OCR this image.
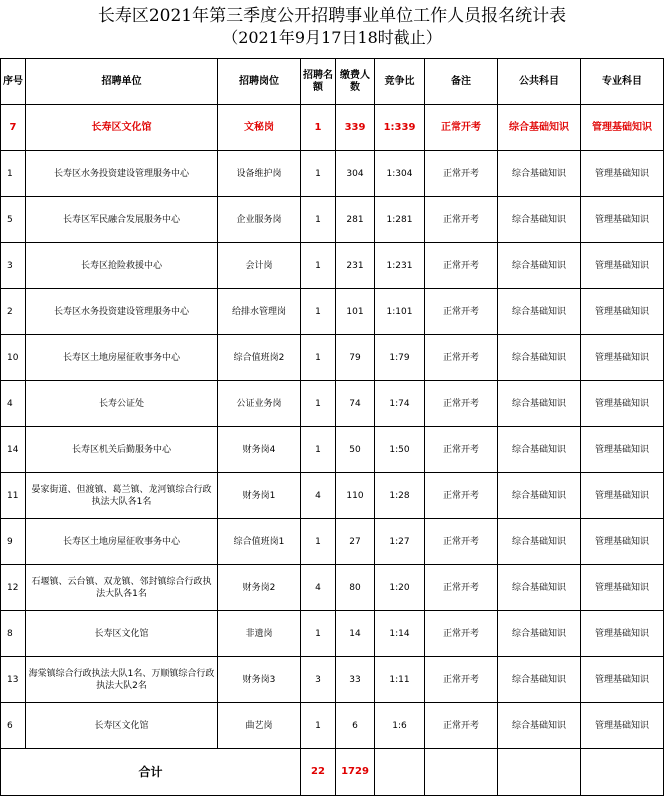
长寿区2021年第三季度公开招聘事业单位工作人员报名统计表
（2021年9月17日18时截止）
序号	招聘单位	招聘岗位	招聘名额	缴费人数	竞争比	备注	公共科目	专业科目
7	长寿区文化馆	文秘岗	1	339	1:339	正常开考	综合基础知识	管理基础知识
1	长寿区水务投资建设管理服务中心	设备维护岗	1	304	1:304	正常开考	综合基础知识	管理基础知识
5	长寿区军民融合发展服务中心	企业服务岗	1	281	1:281	正常开考	综合基础知识	管理基础知识
3	长寿区抢险救援中心	会计岗	1	231	1:231	正常开考	综合基础知识	管理基础知识
2	长寿区水务投资建设管理服务中心	给排水管理岗	1	101	1:101	正常开考	综合基础知识	管理基础知识
10	长寿区土地房屋征收事务中心	综合值班岗2	1	79	1:79	正常开考	综合基础知识	管理基础知识
4	长寿公证处	公证业务岗	1	74	1:74	正常开考	综合基础知识	管理基础知识
14	长寿区机关后勤服务中心	财务岗4	1	50	1:50	正常开考	综合基础知识	管理基础知识
11	晏家街道、但渡镇、葛兰镇、龙河镇综合行政执法大队各1名	财务岗1	4	110	1:28	正常开考	综合基础知识	管理基础知识
9	长寿区土地房屋征收事务中心	综合值班岗1	1	27	1:27	正常开考	综合基础知识	管理基础知识
12	石堰镇、云台镇、双龙镇、邻封镇综合行政执法大队各1名	财务岗2	4	80	1:20	正常开考	综合基础知识	管理基础知识
8	长寿区文化馆	非遗岗	1	14	1:14	正常开考	综合基础知识	管理基础知识
13	海棠镇综合行政执法大队1名、万顺镇综合行政执法大队2名	财务岗3	3	33	1:11	正常开考	综合基础知识	管理基础知识
6	长寿区文化馆	曲艺岗	1	6	1:6	正常开考	综合基础知识	管理基础知识
合计			22	1729				
